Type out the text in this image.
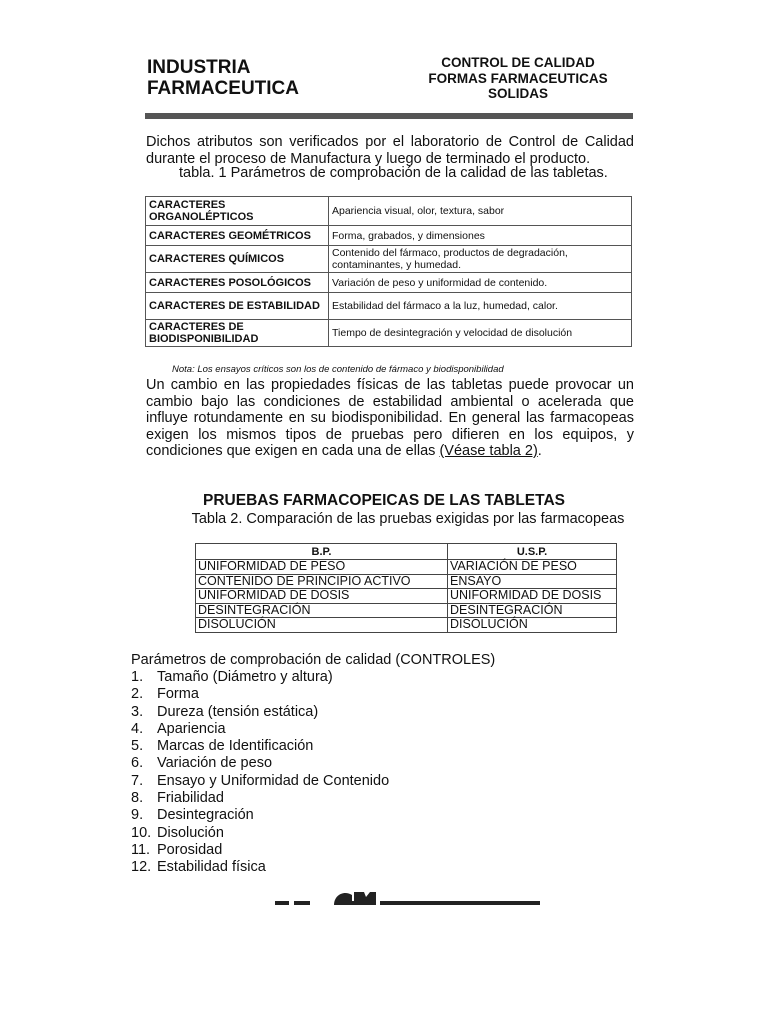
INDUSTRIA
FARMACEUTICA
CONTROL DE CALIDAD
FORMAS FARMACEUTICAS
SOLIDAS
Dichos atributos son verificados por el laboratorio de Control de Calidad durante el proceso de Manufactura y luego de terminado el producto.
tabla. 1 Parámetros de comprobación de la calidad de las tabletas.
CARACTERES ORGANOLÉPTICOS	Apariencia visual, olor, textura, sabor
CARACTERES GEOMÉTRICOS	Forma, grabados, y dimensiones
CARACTERES QUÍMICOS	Contenido del fármaco, productos de degradación, contaminantes, y humedad.
CARACTERES POSOLÓGICOS	Variación de peso y uniformidad de contenido.
CARACTERES DE ESTABILIDAD	Estabilidad del fármaco a la luz, humedad, calor.
CARACTERES DE BIODISPONIBILIDAD	Tiempo de desintegración y velocidad de disolución
Nota: Los ensayos críticos son los de contenido de fármaco y biodisponibilidad
Un cambio en las propiedades físicas de las tabletas puede provocar un cambio bajo las condiciones de estabilidad ambiental o acelerada que influye rotundamente en su biodisponibilidad. En general las farmacopeas exigen los mismos tipos de pruebas pero difieren en los equipos, y condiciones que exigen en cada una de ellas (Véase tabla 2).
PRUEBAS FARMACOPEICAS DE LAS TABLETAS
Tabla 2. Comparación de las pruebas exigidas por las farmacopeas
B.P.	U.S.P.
UNIFORMIDAD DE PESO	VARIACIÓN DE PESO
CONTENIDO DE PRINCIPIO ACTIVO	ENSAYO
UNIFORMIDAD DE DOSIS	UNIFORMIDAD DE DOSIS
DESINTEGRACIÓN	DESINTEGRACIÓN
DISOLUCIÓN	DISOLUCIÓN
Parámetros de comprobación de calidad (CONTROLES)
1. Tamaño (Diámetro y altura)
2. Forma
3. Dureza (tensión estática)
4. Apariencia
5. Marcas de Identificación
6. Variación de peso
7. Ensayo y Uniformidad de Contenido
8. Friabilidad
9. Desintegración
10. Disolución
11. Porosidad
12. Estabilidad física
